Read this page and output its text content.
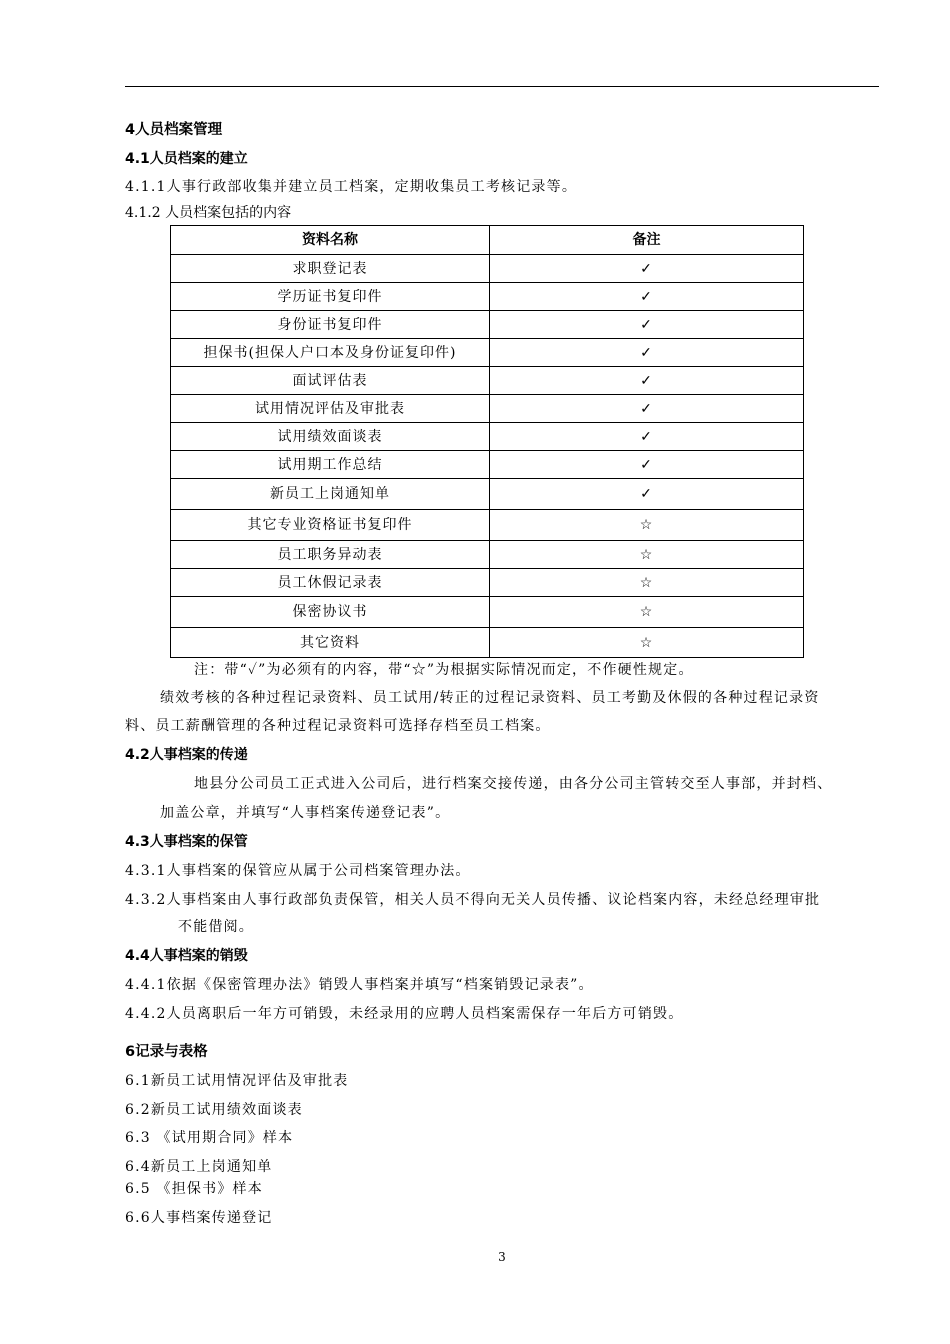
4人员档案管理
4.1人员档案的建立
4.1.1人事行政部收集并建立员工档案，定期收集员工考核记录等。
4.1.2 人员档案包括的内容
资料名称	备注
求职登记表	✓
学历证书复印件	✓
身份证书复印件	✓
担保书(担保人户口本及身份证复印件)	✓
面试评估表	✓
试用情况评估及审批表	✓
试用绩效面谈表	✓
试用期工作总结	✓
新员工上岗通知单	✓
其它专业资格证书复印件	☆
员工职务异动表	☆
员工休假记录表	☆
保密协议书	☆
其它资料	☆
注：带“✓”为必须有的内容，带“☆”为根据实际情况而定，不作硬性规定。
绩效考核的各种过程记录资料、员工试用/转正的过程记录资料、员工考勤及休假的各种过程记录资
料、员工薪酬管理的各种过程记录资料可选择存档至员工档案。
4.2人事档案的传递
地县分公司员工正式进入公司后，进行档案交接传递，由各分公司主管转交至人事部，并封档、
加盖公章，并填写“人事档案传递登记表”。
4.3人事档案的保管
4.3.1人事档案的保管应从属于公司档案管理办法。
4.3.2人事档案由人事行政部负责保管，相关人员不得向无关人员传播、议论档案内容，未经总经理审批
不能借阅。
4.4人事档案的销毁
4.4.1依据《保密管理办法》销毁人事档案并填写“档案销毁记录表”。
4.4.2人员离职后一年方可销毁，未经录用的应聘人员档案需保存一年后方可销毁。
6记录与表格
6.1新员工试用情况评估及审批表
6.2新员工试用绩效面谈表
6.3 《试用期合同》样本
6.4新员工上岗通知单
6.5 《担保书》样本
6.6人事档案传递登记
3
